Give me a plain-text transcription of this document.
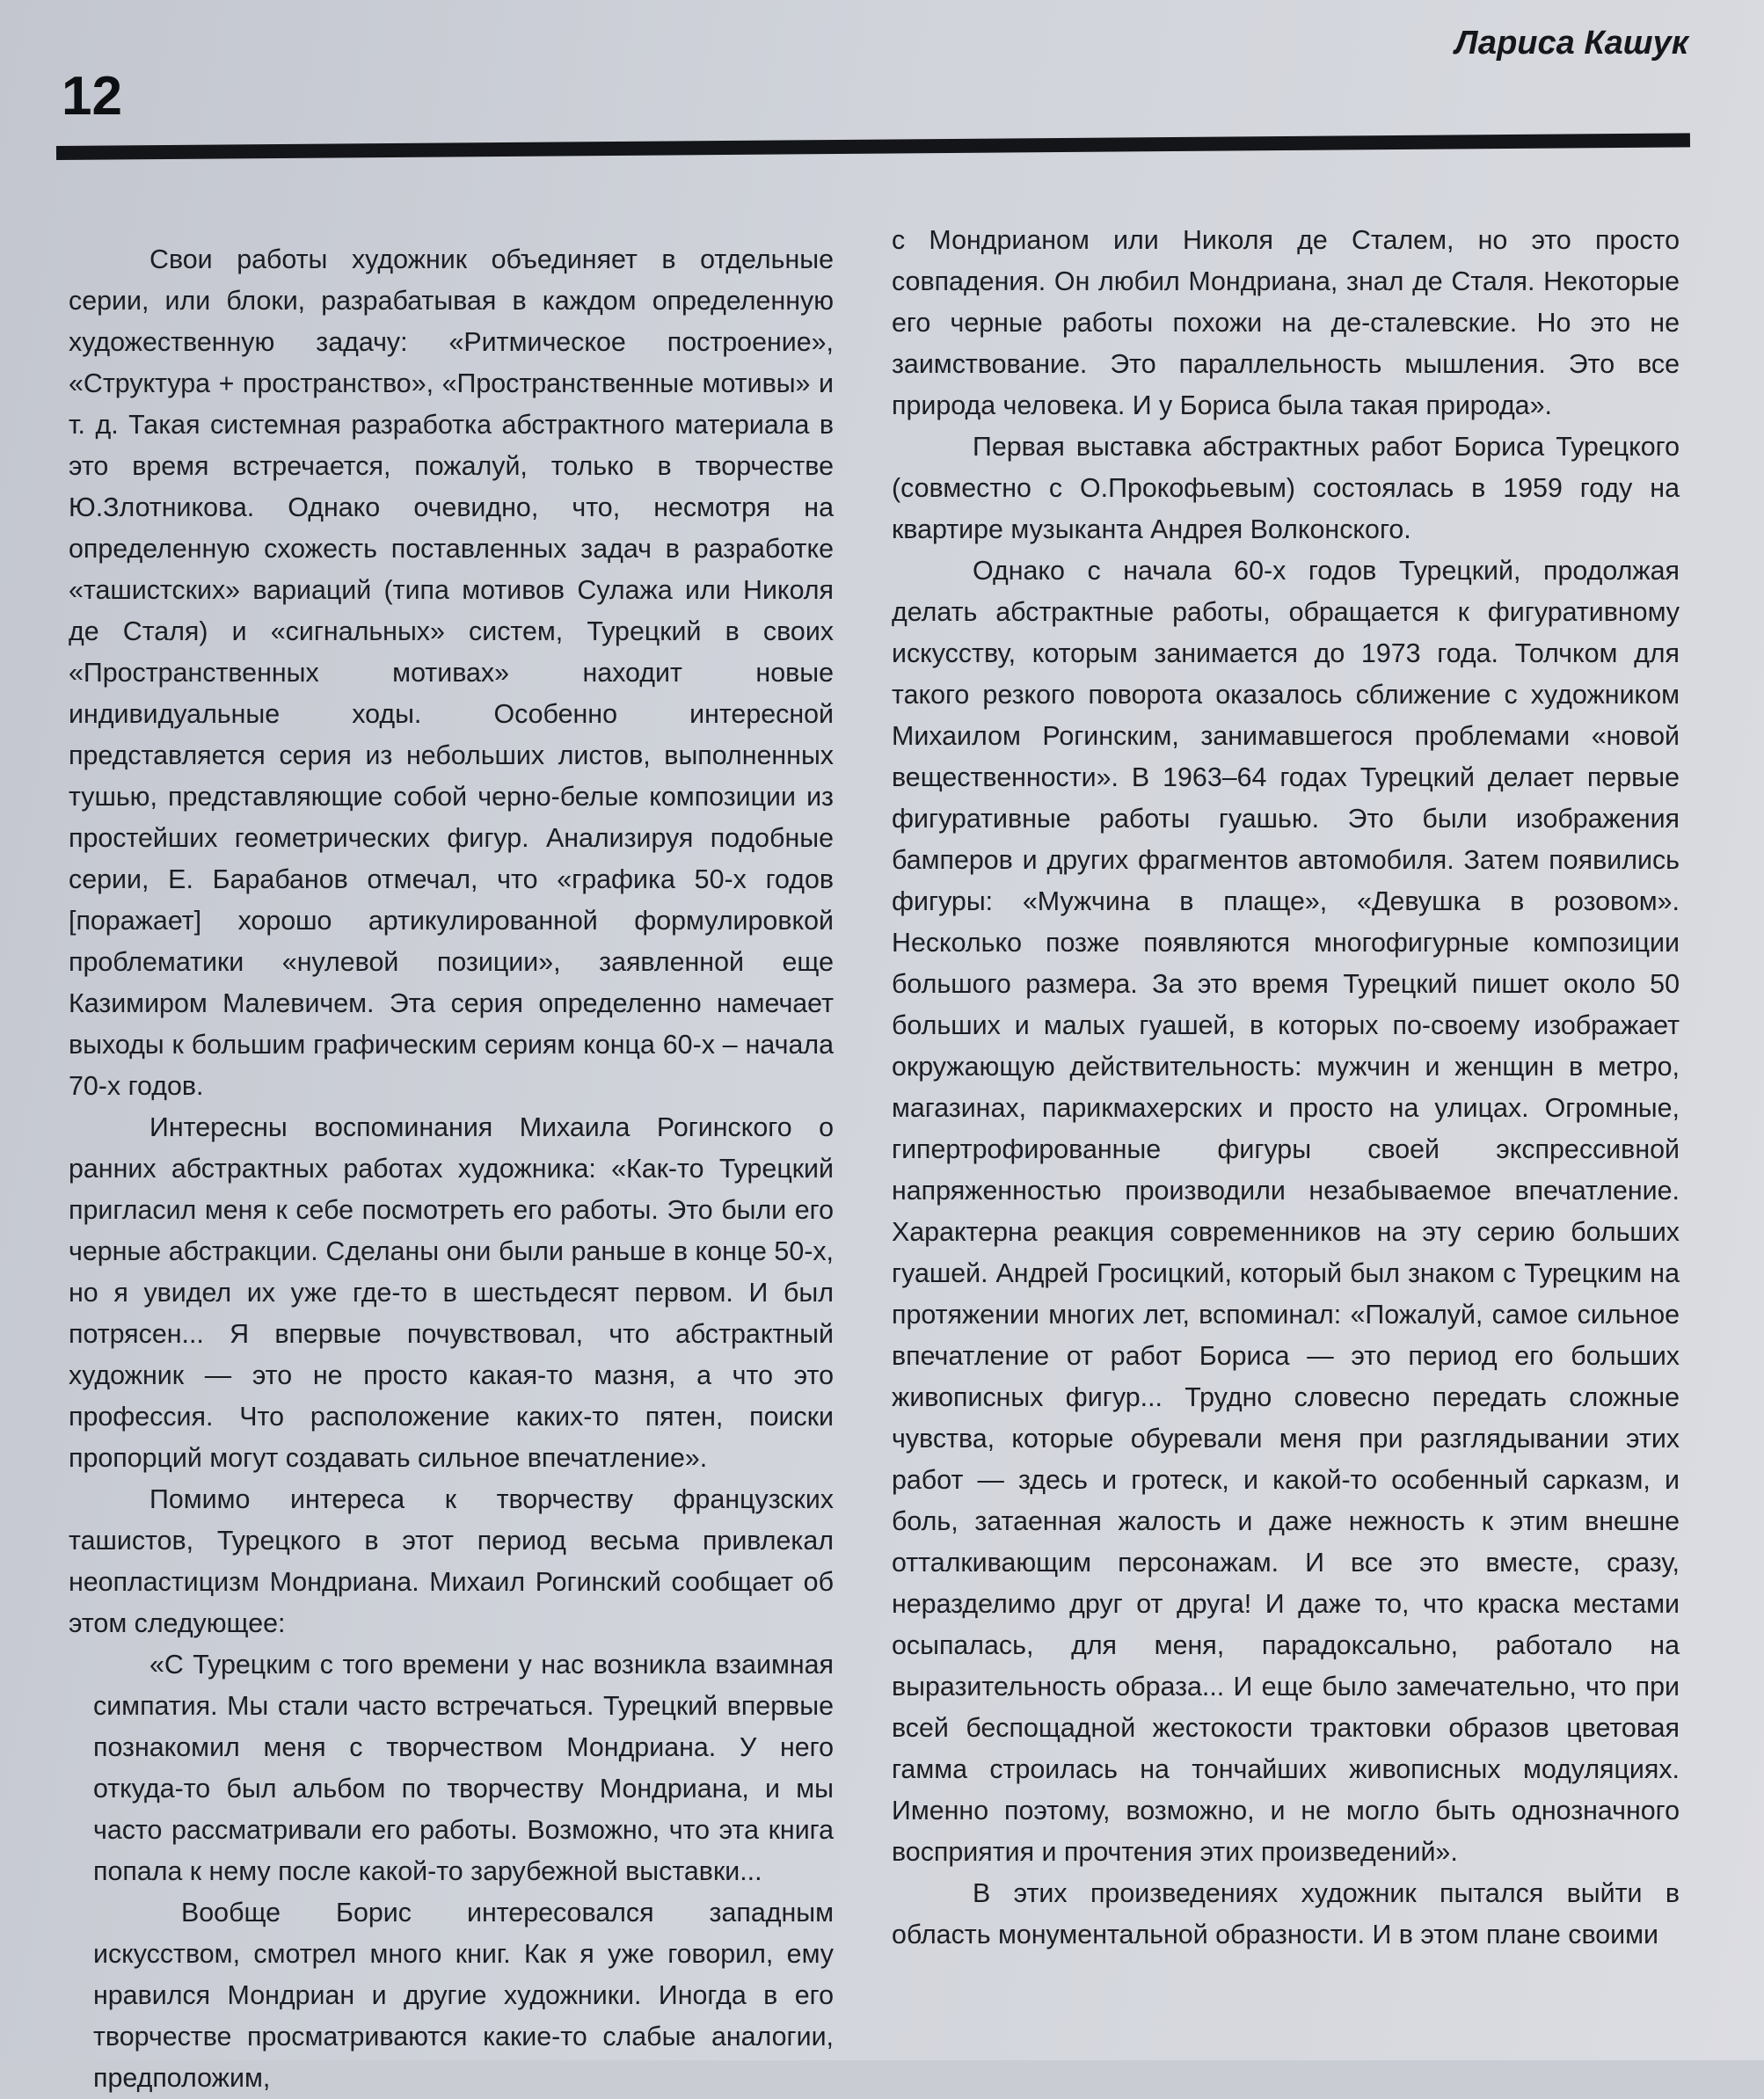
Лариса Кашук
12

Свои работы художник объединяет в отдельные серии, или блоки, разрабатывая в каждом определенную художественную задачу: «Ритмическое построение», «Структура + пространство», «Пространственные мотивы» и т. д. Такая системная разработка абстрактного материала в это время встречается, пожалуй, только в творчестве Ю.Злотникова. Однако очевидно, что, несмотря на определенную схожесть поставленных задач в разработке «ташистских» вариаций (типа мотивов Сулажа или Николя де Сталя) и «сигнальных» систем, Турецкий в своих «Пространственных мотивах» находит новые индивидуальные ходы. Особенно интересной представляется серия из небольших листов, выполненных тушью, представляющие собой черно-белые композиции из простейших геометрических фигур. Анализируя подобные серии, Е. Барабанов отмечал, что «графика 50-х годов [поражает] хорошо артикулированной формулировкой проблематики «нулевой позиции», заявленной еще Казимиром Малевичем. Эта серия определенно намечает выходы к большим графическим сериям конца 60-х – начала 70-х годов.

Интересны воспоминания Михаила Рогинского о ранних абстрактных работах художника: «Как-то Турецкий пригласил меня к себе посмотреть его работы. Это были его черные абстракции. Сделаны они были раньше в конце 50-х, но я увидел их уже где-то в шестьдесят первом. И был потрясен... Я впервые почувствовал, что абстрактный художник — это не просто какая-то мазня, а что это профессия. Что расположение каких-то пятен, поиски пропорций могут создавать сильное впечатление».

Помимо интереса к творчеству французских ташистов, Турецкого в этот период весьма привлекал неопластицизм Мондриана. Михаил Рогинский сообщает об этом следующее:

«С Турецким с того времени у нас возникла взаимная симпатия. Мы стали часто встречаться. Турецкий впервые познакомил меня с творчеством Мондриана. У него откуда-то был альбом по творчеству Мондриана, и мы часто рассматривали его работы. Возможно, что эта книга попала к нему после какой-то зарубежной выставки...

Вообще Борис интересовался западным искусством, смотрел много книг. Как я уже говорил, ему нравился Мондриан и другие художники. Иногда в его творчестве просматриваются какие-то слабые аналогии, предположим,

с Мондрианом или Николя де Сталем, но это просто совпадения. Он любил Мондриана, знал де Сталя. Некоторые его черные работы похожи на де-сталевские. Но это не заимствование. Это параллельность мышления. Это все природа человека. И у Бориса была такая природа».

Первая выставка абстрактных работ Бориса Турецкого (совместно с О.Прокофьевым) состоялась в 1959 году на квартире музыканта Андрея Волконского.

Однако с начала 60-х годов Турецкий, продолжая делать абстрактные работы, обращается к фигуративному искусству, которым занимается до 1973 года. Толчком для такого резкого поворота оказалось сближение с художником Михаилом Рогинским, занимавшегося проблемами «новой вещественности». В 1963–64 годах Турецкий делает первые фигуративные работы гуашью. Это были изображения бамперов и других фрагментов автомобиля. Затем появились фигуры: «Мужчина в плаще», «Девушка в розовом». Несколько позже появляются многофигурные композиции большого размера. За это время Турецкий пишет около 50 больших и малых гуашей, в которых по-своему изображает окружающую действительность: мужчин и женщин в метро, магазинах, парикмахерских и просто на улицах. Огромные, гипертрофированные фигуры своей экспрессивной напряженностью производили незабываемое впечатление. Характерна реакция современников на эту серию больших гуашей. Андрей Гросицкий, который был знаком с Турецким на протяжении многих лет, вспоминал: «Пожалуй, самое сильное впечатление от работ Бориса — это период его больших живописных фигур... Трудно словесно передать сложные чувства, которые обуревали меня при разглядывании этих работ — здесь и гротеск, и какой-то особенный сарказм, и боль, затаенная жалость и даже нежность к этим внешне отталкивающим персонажам. И все это вместе, сразу, неразделимо друг от друга! И даже то, что краска местами осыпалась, для меня, парадоксально, работало на выразительность образа... И еще было замечательно, что при всей беспощадной жестокости трактовки образов цветовая гамма строилась на тончайших живописных модуляциях. Именно поэтому, возможно, и не могло быть однозначного восприятия и прочтения этих произведений».

В этих произведениях художник пытался выйти в область монументальной образности. И в этом плане своими
